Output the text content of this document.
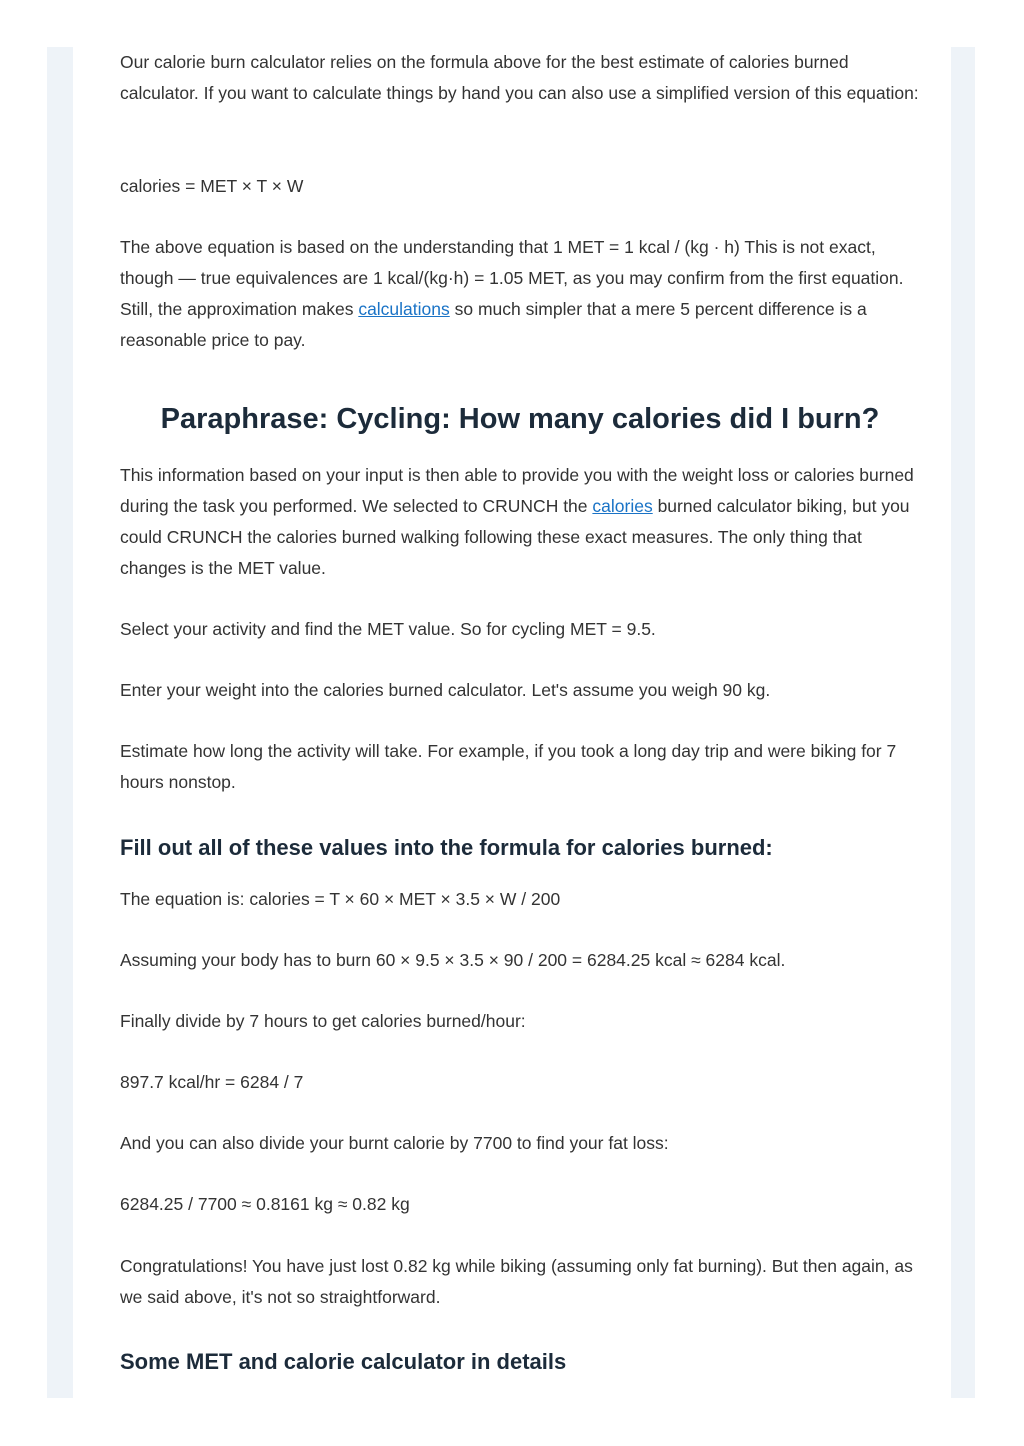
Our calorie burn calculator relies on the formula above for the best estimate of calories burned calculator. If you want to calculate things by hand you can also use a simplified version of this equation:

calories = MET × T × W

The above equation is based on the understanding that 1 MET = 1 kcal / (kg · h) This is not exact, though — true equivalences are 1 kcal/(kg·h) = 1.05 MET, as you may confirm from the first equation. Still, the approximation makes calculations so much simpler that a mere 5 percent difference is a reasonable price to pay.

Paraphrase: Cycling: How many calories did I burn?

This information based on your input is then able to provide you with the weight loss or calories burned during the task you performed. We selected to CRUNCH the calories burned calculator biking, but you could CRUNCH the calories burned walking following these exact measures. The only thing that changes is the MET value.

Select your activity and find the MET value. So for cycling MET = 9.5.

Enter your weight into the calories burned calculator. Let's assume you weigh 90 kg.

Estimate how long the activity will take. For example, if you took a long day trip and were biking for 7 hours nonstop.

Fill out all of these values into the formula for calories burned:

The equation is: calories = T × 60 × MET × 3.5 × W / 200

Assuming your body has to burn 60 × 9.5 × 3.5 × 90 / 200 = 6284.25 kcal ≈ 6284 kcal.

Finally divide by 7 hours to get calories burned/hour:

897.7 kcal/hr = 6284 / 7

And you can also divide your burnt calorie by 7700 to find your fat loss:

6284.25 / 7700 ≈ 0.8161 kg ≈ 0.82 kg

Congratulations! You have just lost 0.82 kg while biking (assuming only fat burning). But then again, as we said above, it's not so straightforward.

Some MET and calorie calculator in details
